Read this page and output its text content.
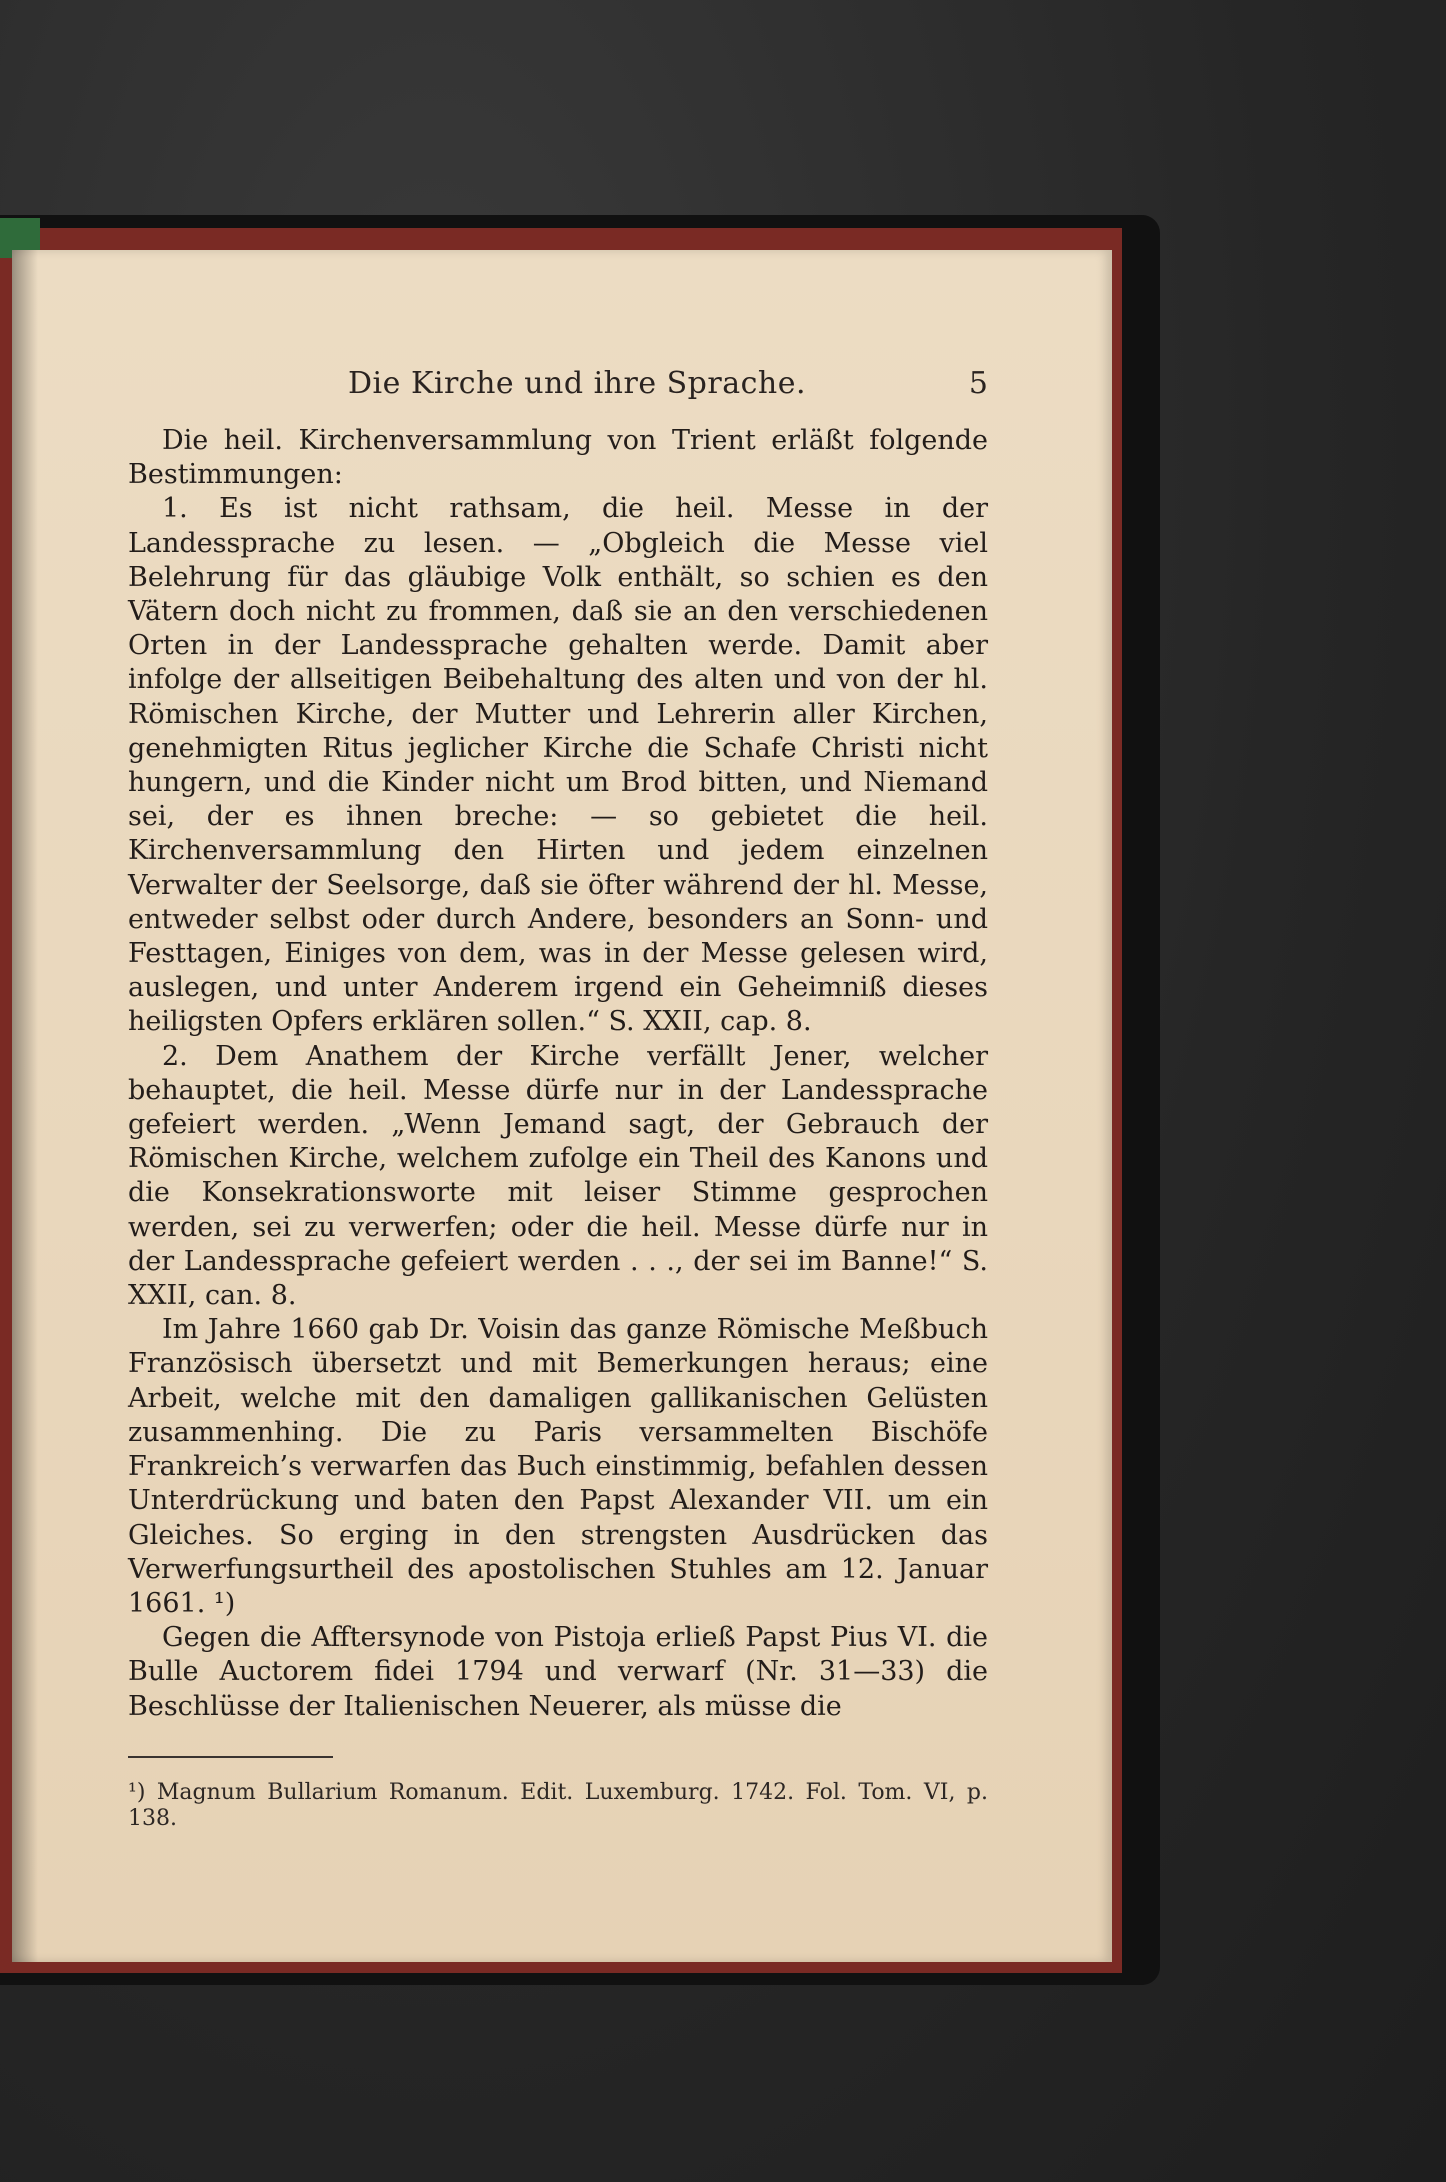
Die Kirche und ihre Sprache.	5

Die heil. Kirchenversammlung von Trient erläßt folgende Bestimmungen:

1. Es ist nicht rathsam, die heil. Messe in der Landessprache zu lesen. — „Obgleich die Messe viel Belehrung für das gläubige Volk enthält, so schien es den Vätern doch nicht zu frommen, daß sie an den verschiedenen Orten in der Landessprache gehalten werde. Damit aber infolge der allseitigen Beibehaltung des alten und von der hl. Römischen Kirche, der Mutter und Lehrerin aller Kirchen, genehmigten Ritus jeglicher Kirche die Schafe Christi nicht hungern, und die Kinder nicht um Brod bitten, und Niemand sei, der es ihnen breche: — so gebietet die heil. Kirchenversammlung den Hirten und jedem einzelnen Verwalter der Seelsorge, daß sie öfter während der hl. Messe, entweder selbst oder durch Andere, besonders an Sonn- und Festtagen, Einiges von dem, was in der Messe gelesen wird, auslegen, und unter Anderem irgend ein Geheimniß dieses heiligsten Opfers erklären sollen.“ S. XXII, cap. 8.

2. Dem Anathem der Kirche verfällt Jener, welcher behauptet, die heil. Messe dürfe nur in der Landessprache gefeiert werden. „Wenn Jemand sagt, der Gebrauch der Römischen Kirche, welchem zufolge ein Theil des Kanons und die Konsekrationsworte mit leiser Stimme gesprochen werden, sei zu verwerfen; oder die heil. Messe dürfe nur in der Landessprache gefeiert werden . . ., der sei im Banne!“ S. XXII, can. 8.

Im Jahre 1660 gab Dr. Voisin das ganze Römische Meßbuch Französisch übersetzt und mit Bemerkungen heraus; eine Arbeit, welche mit den damaligen gallikanischen Gelüsten zusammenhing. Die zu Paris versammelten Bischöfe Frankreich’s verwarfen das Buch einstimmig, befahlen dessen Unterdrückung und baten den Papst Alexander VII. um ein Gleiches. So erging in den strengsten Ausdrücken das Verwerfungsurtheil des apostolischen Stuhles am 12. Januar 1661. ¹)

Gegen die Afftersynode von Pistoja erließ Papst Pius VI. die Bulle Auctorem fidei 1794 und verwarf (Nr. 31—33) die Beschlüsse der Italienischen Neuerer, als müsse die

¹) Magnum Bullarium Romanum. Edit. Luxemburg. 1742. Fol. Tom. VI, p. 138.
